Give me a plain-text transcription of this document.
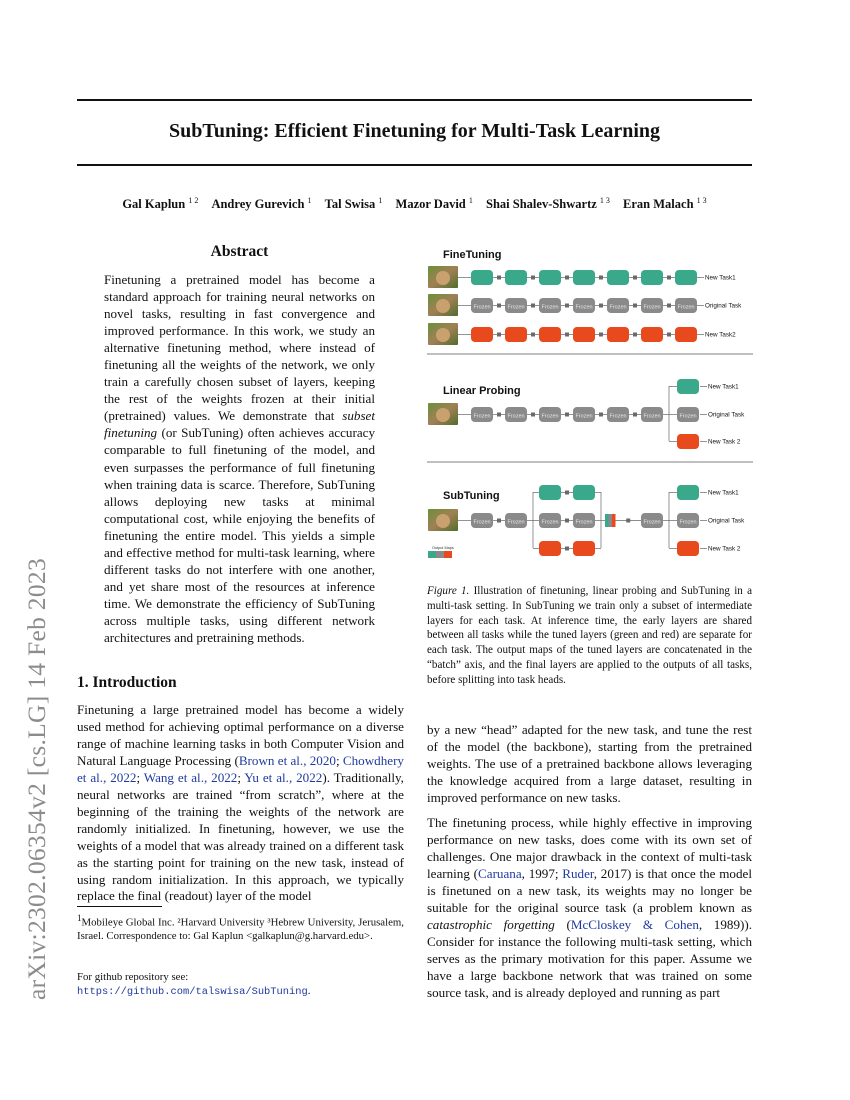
SubTuning: Efficient Finetuning for Multi-Task Learning
Gal Kaplun $^{1 2}$ Andrey Gurevich $^1$ Tal Swisa $^1$ Mazor David $^1$ Shai Shalev-Shwartz $^{1 3}$ Eran Malach $^{1 3}$
arXiv:2302.06354v2 [cs.LG] 14 Feb 2023
Abstract
Finetuning a pretrained model has become a standard approach for training neural networks on novel tasks, resulting in fast convergence and improved performance. In this work, we study an alternative finetuning method, where instead of finetuning all the weights of the network, we only train a carefully chosen subset of layers, keeping the rest of the weights frozen at their initial (pretrained) values. We demonstrate that subset finetuning (or SubTuning) often achieves accuracy comparable to full finetuning of the model, and even surpasses the performance of full finetuning when training data is scarce. Therefore, SubTuning allows deploying new tasks at minimal computational cost, while enjoying the benefits of finetuning the entire model. This yields a simple and effective method for multi-task learning, where different tasks do not interfere with one another, and yet share most of the resources at inference time. We demonstrate the efficiency of SubTuning across multiple tasks, using different network architectures and pretraining methods.
1. Introduction
Finetuning a large pretrained model has become a widely used method for achieving optimal performance on a diverse range of machine learning tasks in both Computer Vision and Natural Language Processing (Brown et al., 2020; Chowdhery et al., 2022; Wang et al., 2022; Yu et al., 2022). Traditionally, neural networks are trained “from scratch”, where at the beginning of the training the weights of the network are randomly initialized. In finetuning, however, we use the weights of a model that was already trained on a different task as the starting point for training on the new task, instead of using random initialization. In this approach, we typically replace the final (readout) layer of the model
by a new “head” adapted for the new task, and tune the rest of the model (the backbone), starting from the pretrained weights. The use of a pretrained backbone allows leveraging the knowledge acquired from a large dataset, resulting in improved performance on new tasks.
The finetuning process, while highly effective in improving performance on new tasks, does come with its own set of challenges. One major drawback in the context of multi-task learning (Caruana, 1997; Ruder, 2017) is that once the model is finetuned on a new task, its weights may no longer be suitable for the original source task (a problem known as catastrophic forgetting (McCloskey & Cohen, 1989)). Consider for instance the following multi-task setting, which serves as the primary motivation for this paper. Assume we have a large backbone network that was trained on some source task, and is already deployed and running as part
$^1$Mobileye Global Inc. ²Harvard University ³Hebrew University, Jerusalem, Israel. Correspondence to: Gal Kaplun <galkaplun@g.harvard.edu>.
For github repository see:
https://github.com/talswisa/SubTuning.
FineTuning
New Task1
Frozen	Frozen	Frozen	Frozen	Frozen	Frozen	Frozen Original Task
New Task2
Linear Probing
Frozen	Frozen	Frozen	Frozen	Frozen	Frozen
New Task1
Frozen Original Task
New Task 2
SubTuning
Frozen	Frozen	Frozen	Frozen	Frozen
New Task1
Frozen Original Task
New Task 2
Output Maps
Figure 1. Illustration of finetuning, linear probing and SubTuning in a multi-task setting. In SubTuning we train only a subset of intermediate layers for each task. At inference time, the early layers are shared between all tasks while the tuned layers (green and red) are separate for each task. The output maps of the tuned layers are concatenated in the “batch” axis, and the final layers are applied to the outputs of all tasks, before splitting into task heads.
